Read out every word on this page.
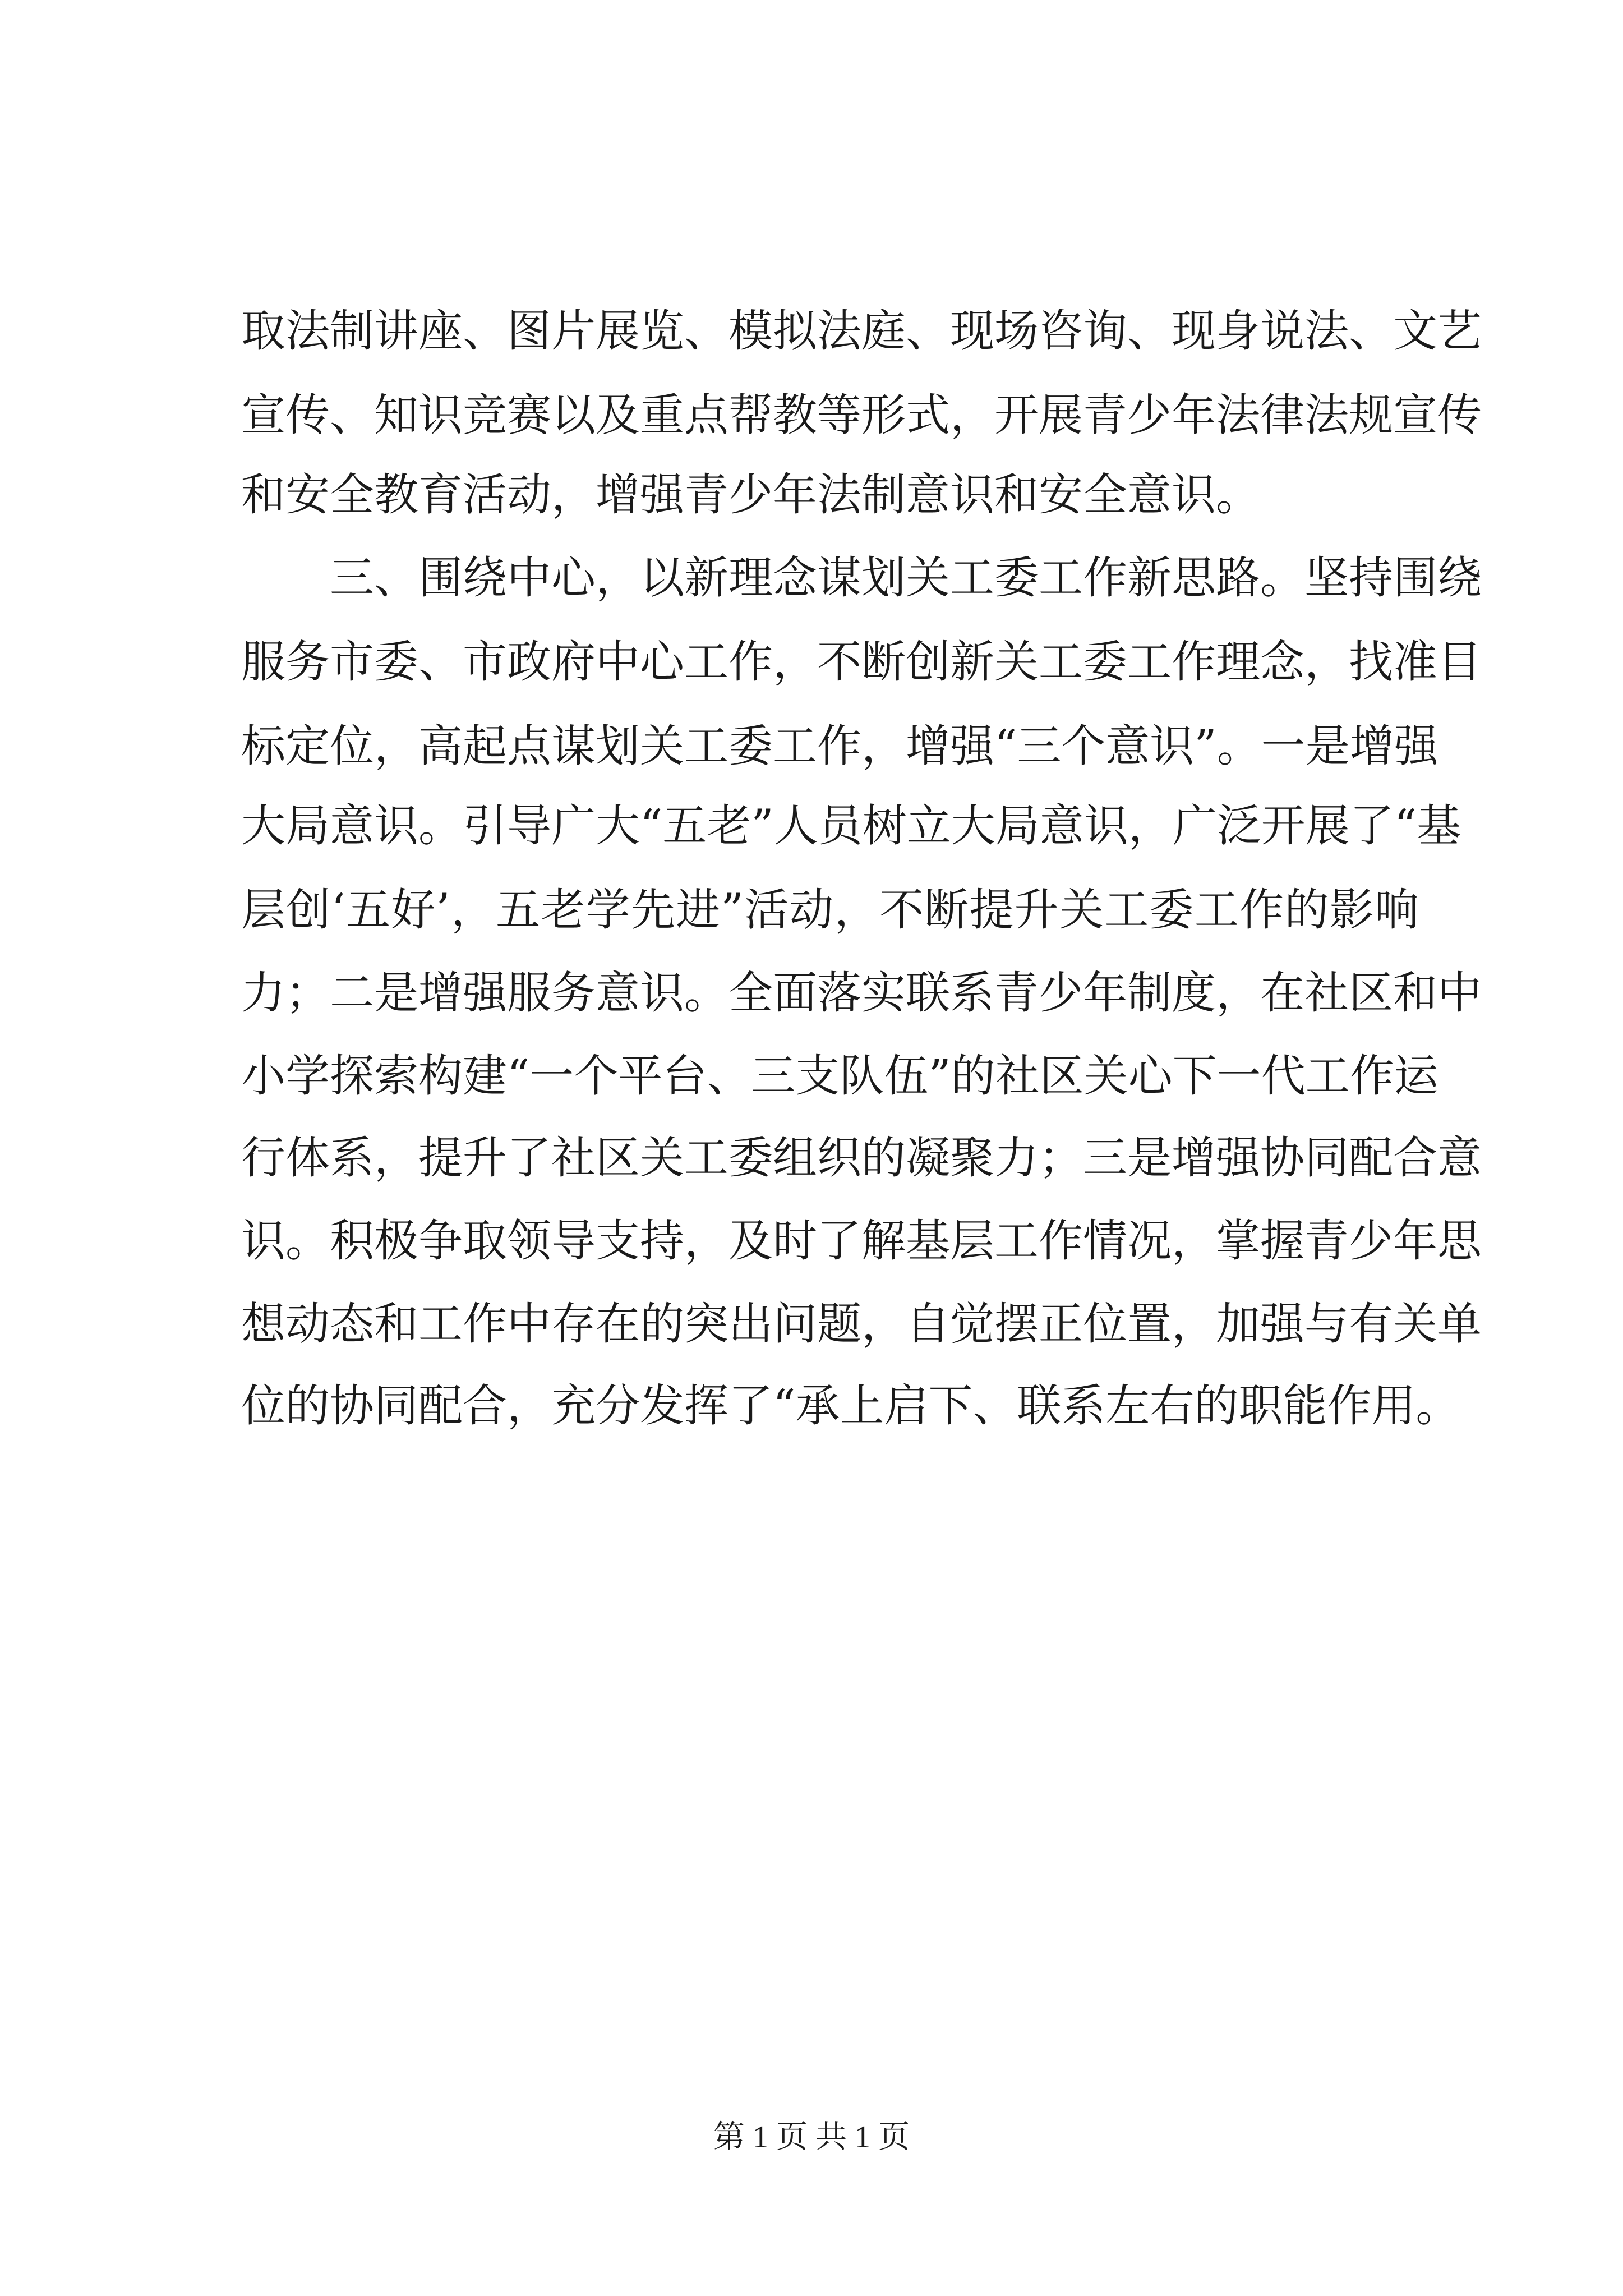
取法制讲座、图片展览、模拟法庭、现场咨询、现身说法、文艺
宣传、知识竞赛以及重点帮教等形式，开展青少年法律法规宣传
和安全教育活动，增强青少年法制意识和安全意识。
三、围绕中心，以新理念谋划关工委工作新思路。坚持围绕
服务市委、市政府中心工作，不断创新关工委工作理念，找准目
标定位，高起点谋划关工委工作，增强“三个意识”。一是增强
大局意识。引导广大“五老”人员树立大局意识，广泛开展了“基
层创‘五好’，五老学先进”活动，不断提升关工委工作的影响
力；二是增强服务意识。全面落实联系青少年制度，在社区和中
小学探索构建“一个平台、三支队伍”的社区关心下一代工作运
行体系，提升了社区关工委组织的凝聚力；三是增强协同配合意
识。积极争取领导支持，及时了解基层工作情况，掌握青少年思
想动态和工作中存在的突出问题，自觉摆正位置，加强与有关单
位的协同配合，充分发挥了“承上启下、联系左右的职能作用。
第 1 页 共 1 页
